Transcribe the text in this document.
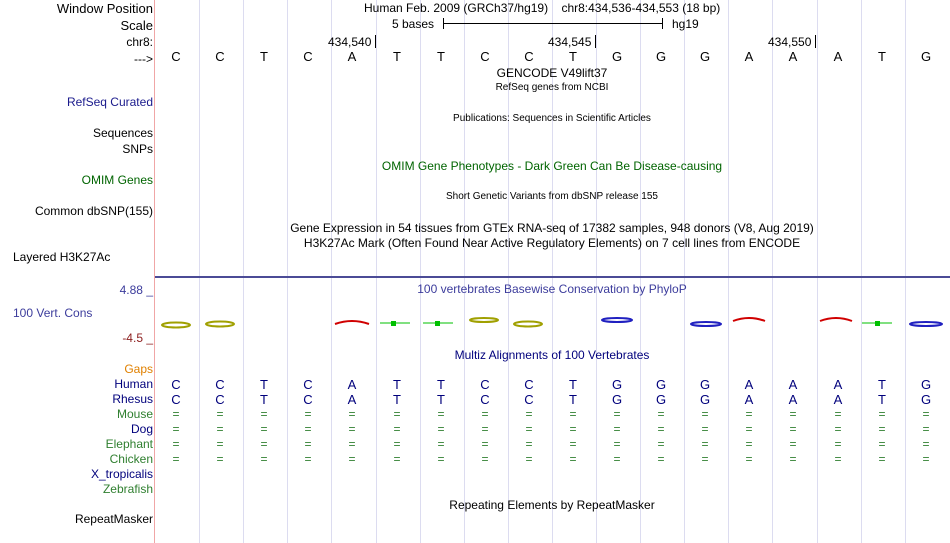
Window Position
Scale
chr8:
--->
Human Feb. 2009 (GRCh37/hg19) chr8:434,536-434,553 (18 bp)
5 bases	hg19
434,540	434,545	434,550
C	C	T	C	A	T	T	C	C	T	G	G	G	A	A	A	T	G
GENCODE V49lift37
RefSeq genes from NCBI
RefSeq Curated
Publications: Sequences in Scientific Articles
Sequences
SNPs
OMIM Gene Phenotypes - Dark Green Can Be Disease-causing
OMIM Genes
Short Genetic Variants from dbSNP release 155
Common dbSNP(155)
Gene Expression in 54 tissues from GTEx RNA-seq of 17382 samples, 948 donors (V8, Aug 2019)
H3K27Ac Mark (Often Found Near Active Regulatory Elements) on 7 cell lines from ENCODE
Layered H3K27Ac
100 vertebrates Basewise Conservation by PhyloP
4.88 _
100 Vert. Cons
-4.5 _
Multiz Alignments of 100 Vertebrates
Gaps
Human	C	C	T	C	A	T	T	C	C	T	G	G	G	A	A	A	T	G
Rhesus	C	C	T	C	A	T	T	C	C	T	G	G	G	A	A	A	T	G
Mouse	=	=	=	=	=	=	=	=	=	=	=	=	=	=	=	=	=	=
Dog	=	=	=	=	=	=	=	=	=	=	=	=	=	=	=	=	=	=
Elephant	=	=	=	=	=	=	=	=	=	=	=	=	=	=	=	=	=	=
Chicken	=	=	=	=	=	=	=	=	=	=	=	=	=	=	=	=	=	=
X_tropicalis
Zebrafish
Repeating Elements by RepeatMasker
RepeatMasker
